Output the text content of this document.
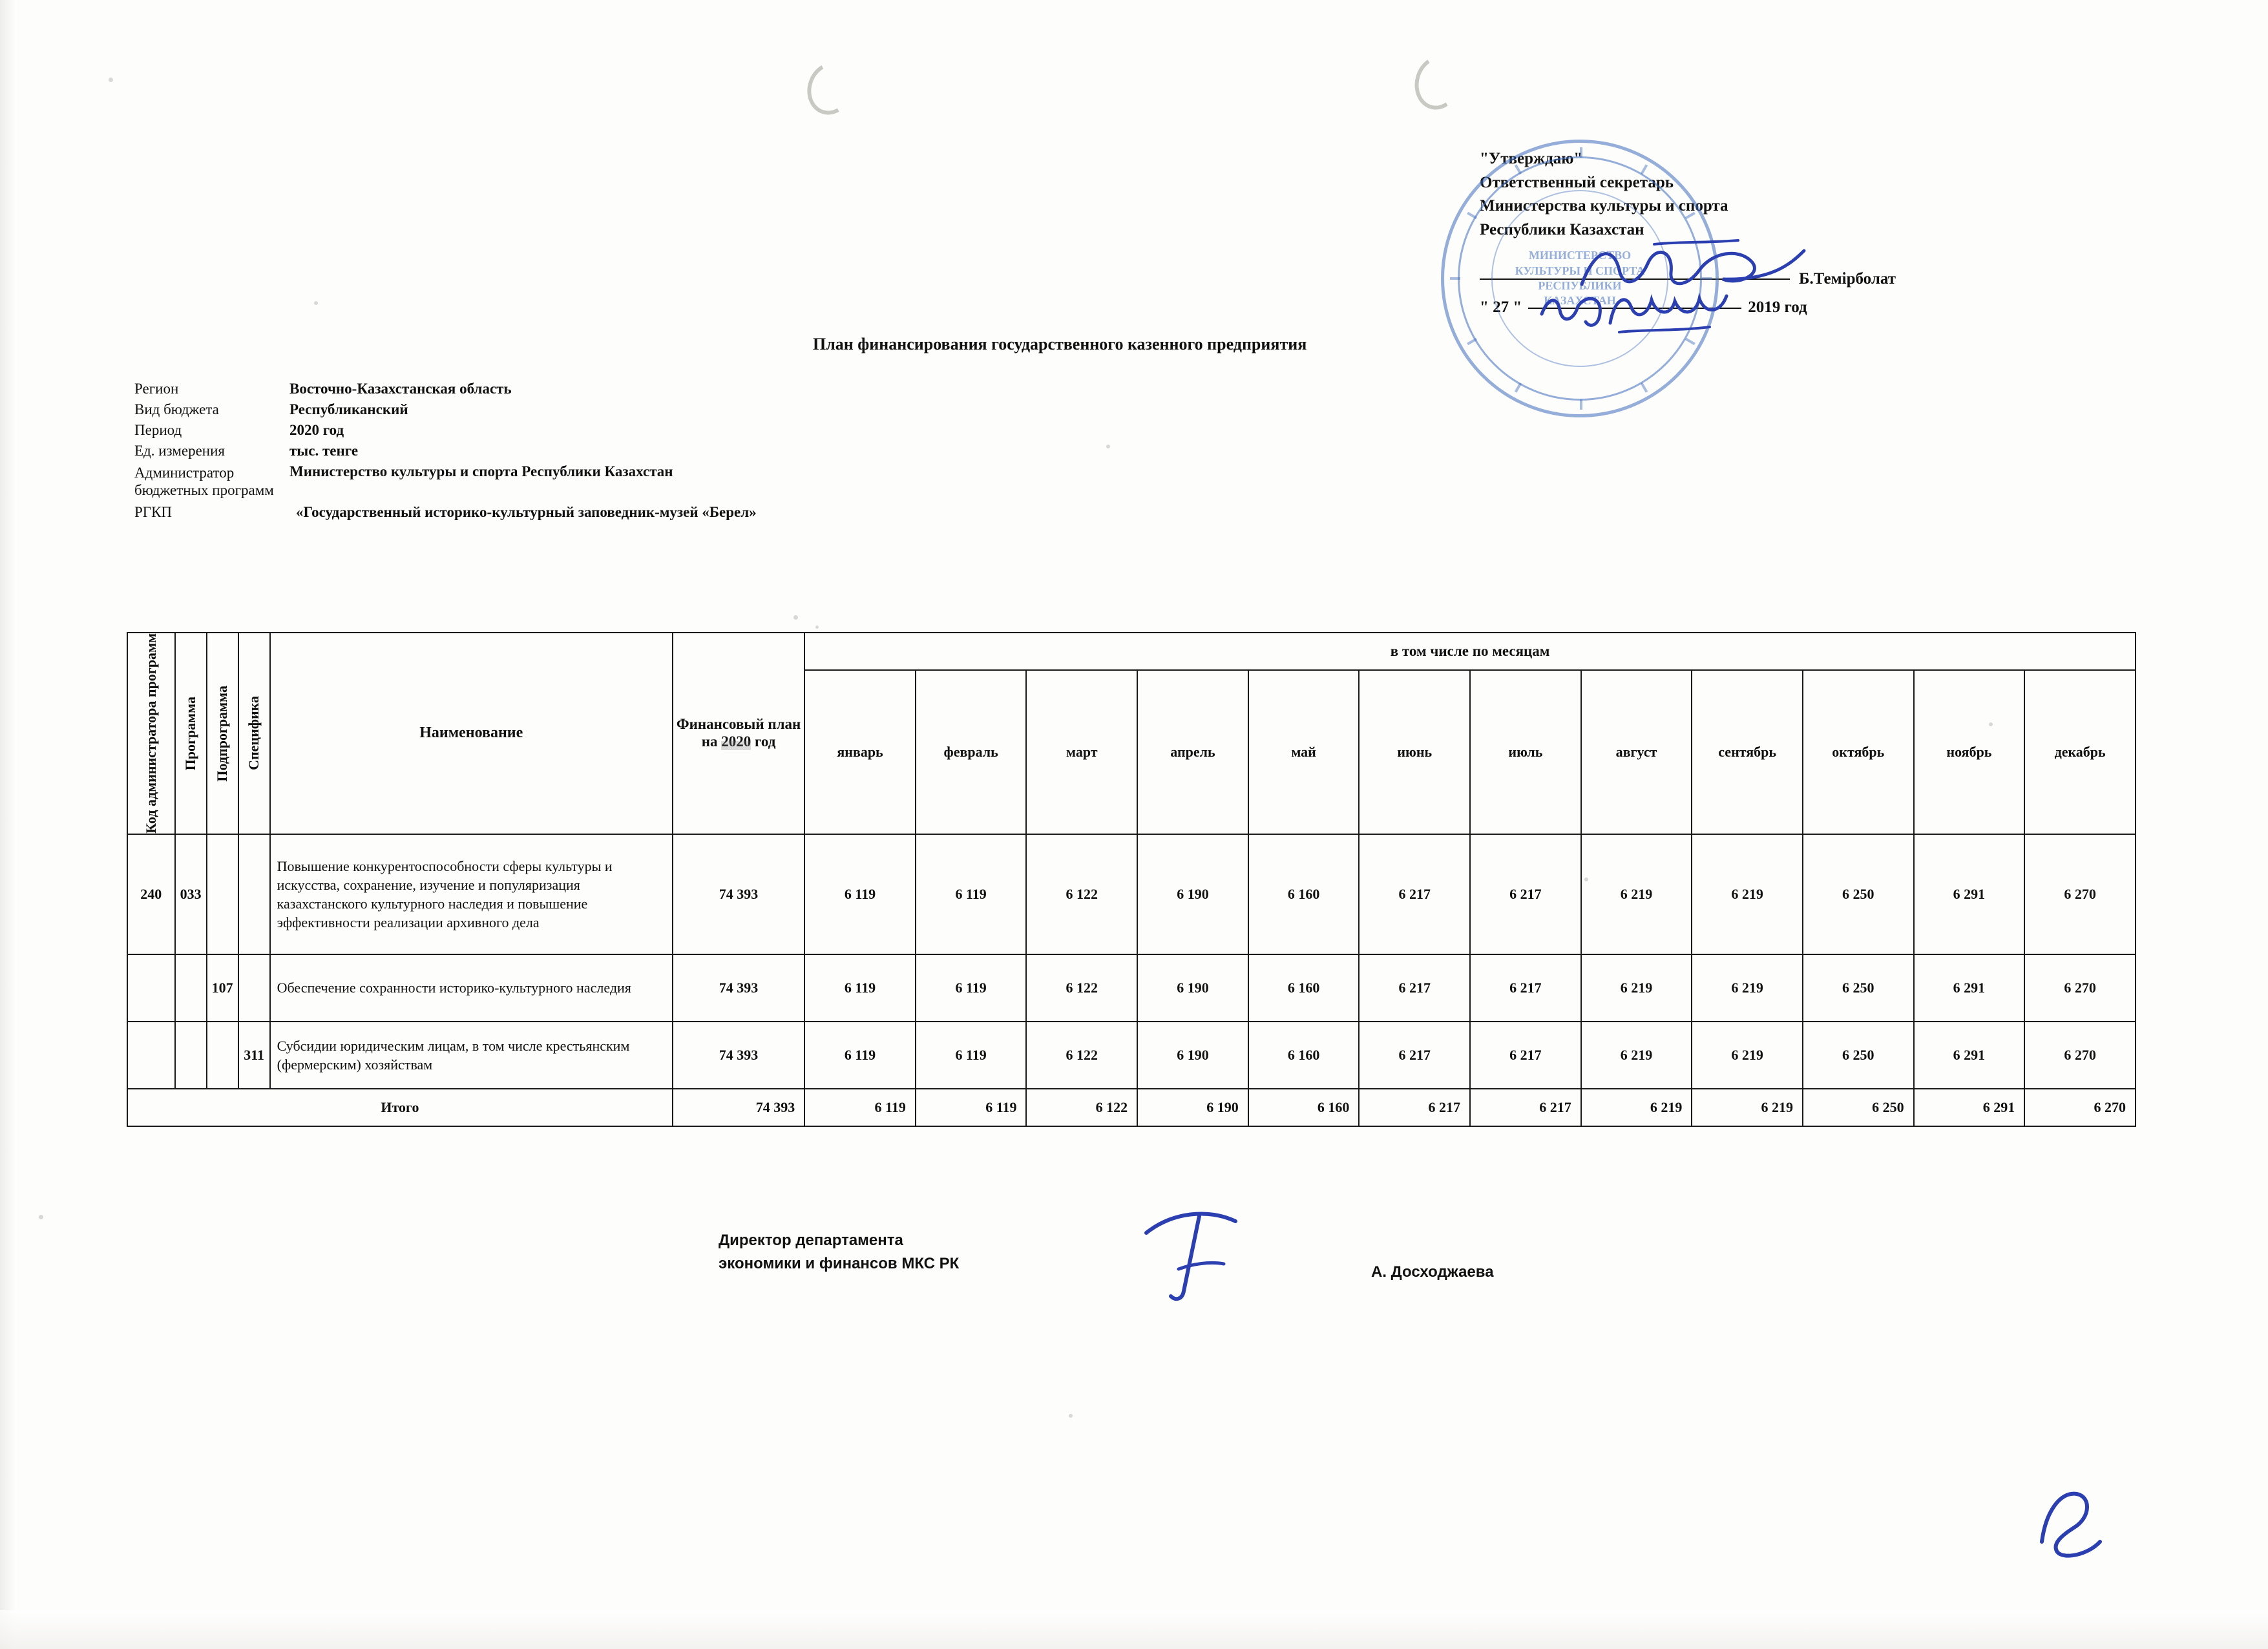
"Утверждаю"
Ответственный секретарь
Министерства культуры и спорта
Республики Казахстан
Б.Темірболат
" 27 "	2019 год
МИНИСТЕРСТВО КУЛЬТУРЫ И СПОРТА РЕСПУБЛИКИ КАЗАХСТАН
План финансирования государственного казенного предприятия
Регион	Восточно-Казахстанская область
Вид бюджета	Республиканский
Период	2020 год
Ед. измерения	тыс. тенге
Администратор бюджетных программ	Министерство культуры и спорта Республики Казахстан
РГКП	«Государственный историко-культурный заповедник-музей «Берел»
Код администратора программ	Программа	Подпрограмма	Специфика	Наименование	Финансовый план на 2020 год	в том числе по месяцам											
						январь	февраль	март	апрель	май	июнь	июль	август	сентябрь	октябрь	ноябрь	декабрь
240	033			Повышение конкурентоспособности сферы культуры и искусства, сохранение, изучение и популяризация казахстанского культурного наследия и повышение эффективности реализации архивного дела	74 393	6 119	6 119	6 122	6 190	6 160	6 217	6 217	6 219	6 219	6 250	6 291	6 270
		107		Обеспечение сохранности историко-культурного наследия	74 393	6 119	6 119	6 122	6 190	6 160	6 217	6 217	6 219	6 219	6 250	6 291	6 270
			311	Субсидии юридическим лицам, в том числе крестьянским (фермерским) хозяйствам	74 393	6 119	6 119	6 122	6 190	6 160	6 217	6 217	6 219	6 219	6 250	6 291	6 270
Итого					74 393	6 119	6 119	6 122	6 190	6 160	6 217	6 217	6 219	6 219	6 250	6 291	6 270
Директор департамента
экономики и финансов МКС РК	А. Досходжаева
